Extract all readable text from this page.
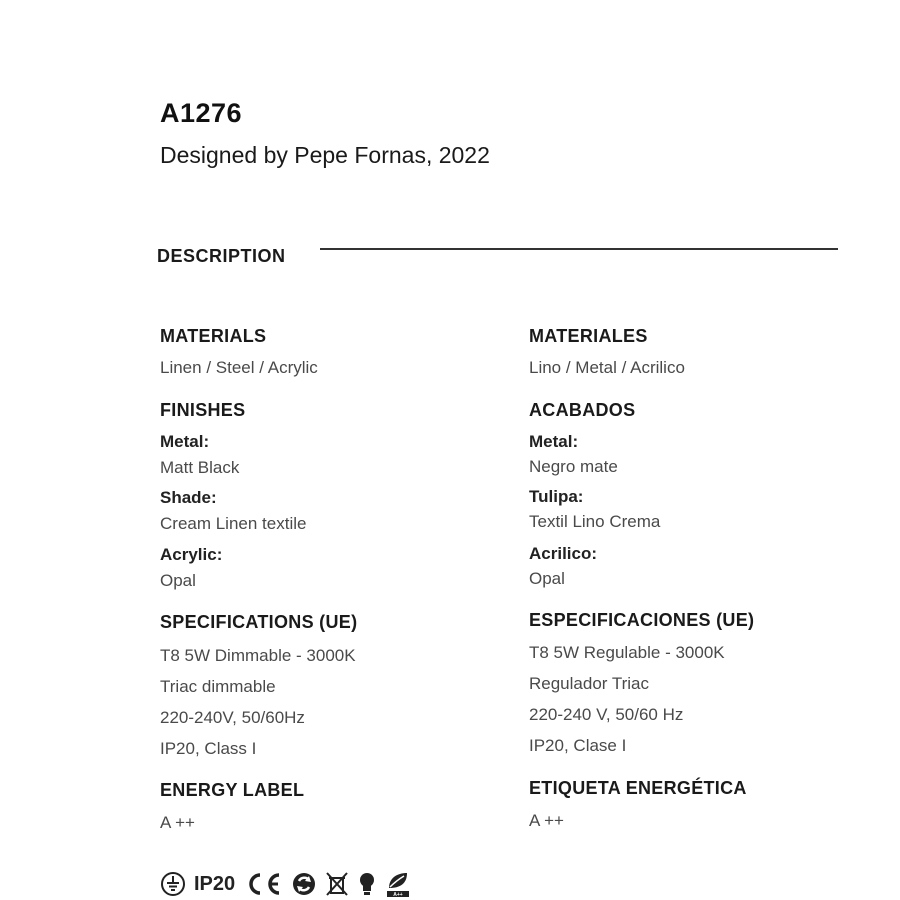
A1276
Designed by Pepe Fornas, 2022
DESCRIPTION
MATERIALS
Linen / Steel / Acrylic
FINISHES
Metal:
Matt Black
Shade:
Cream Linen textile
Acrylic:
Opal
SPECIFICATIONS (UE)
T8 5W Dimmable - 3000K
Triac dimmable
220-240V, 50/60Hz
IP20, Class I
ENERGY LABEL
A ++
MATERIALES
Lino / Metal / Acrilico
ACABADOS
Metal:
Negro mate
Tulipa:
Textil Lino Crema
Acrilico:
Opal
ESPECIFICACIONES (UE)
T8 5W Regulable - 3000K
Regulador Triac
220-240 V, 50/60 Hz
IP20, Clase I
ETIQUETA ENERGÉTICA
A ++
IP20
A++
